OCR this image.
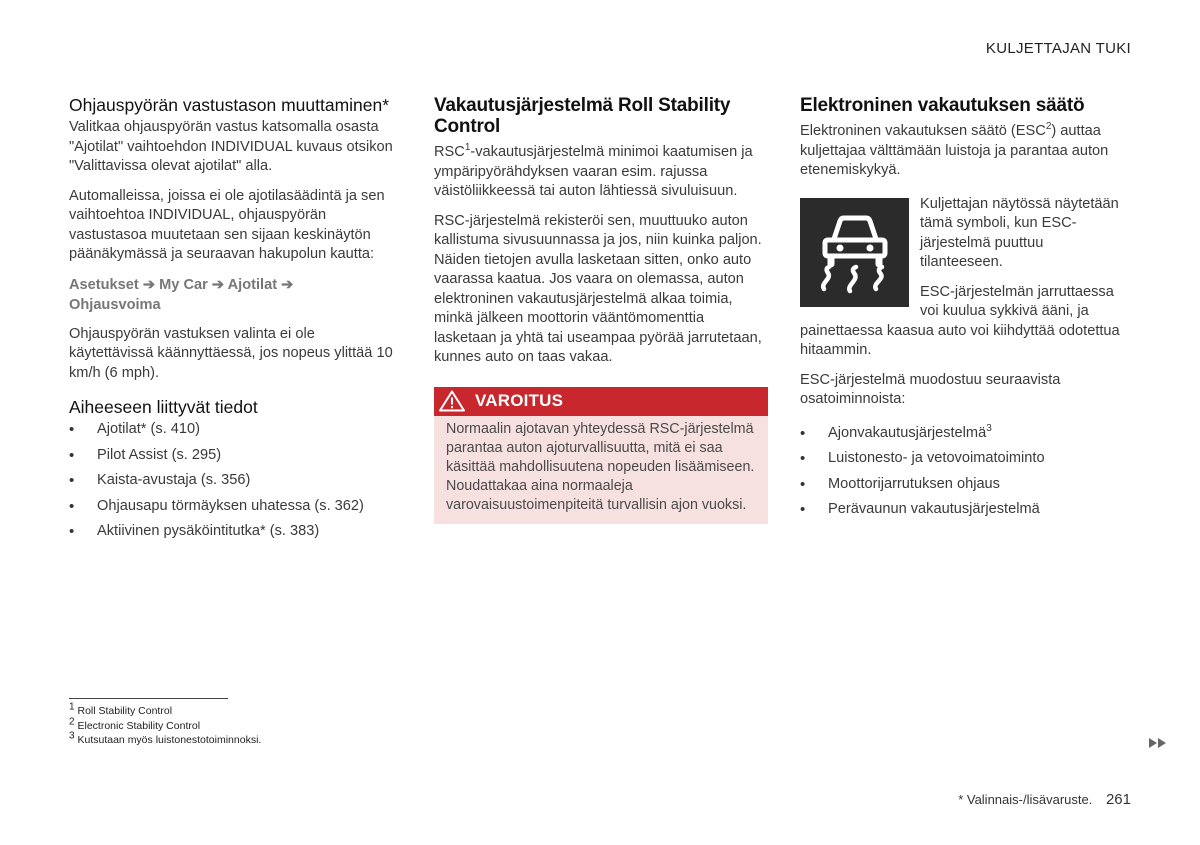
KULJETTAJAN TUKI
Ohjauspyörän vastustason muuttaminen*

Valitkaa ohjauspyörän vastus katsomalla osasta "Ajotilat" vaihtoehdon INDIVIDUAL kuvaus otsikon "Valittavissa olevat ajotilat" alla.

Automalleissa, joissa ei ole ajotilasäädintä ja sen vaihtoehtoa INDIVIDUAL, ohjauspyörän vastustasoa muutetaan sen sijaan keskinäytön päänäkymässä ja seuraavan hakupolun kautta:

Asetukset ➔ My Car ➔ Ajotilat ➔
Ohjausvoima

Ohjauspyörän vastuksen valinta ei ole käytettävissä käännyttäessä, jos nopeus ylittää 10 km/h (6 mph).

Aiheeseen liittyvät tiedot
• Ajotilat* (s. 410)
• Pilot Assist (s. 295)
• Kaista-avustaja (s. 356)
• Ohjausapu törmäyksen uhatessa (s. 362)
• Aktiivinen pysäköintitutka* (s. 383)
Vakautusjärjestelmä Roll Stability Control

RSC$^1$-vakautusjärjestelmä minimoi kaatumisen ja ympäripyörähdyksen vaaran esim. rajussa väistöliikkeessä tai auton lähtiessä sivuluisuun.

RSC-järjestelmä rekisteröi sen, muuttuuko auton kallistuma sivusuunnassa ja jos, niin kuinka paljon. Näiden tietojen avulla lasketaan sitten, onko auto vaarassa kaatua. Jos vaara on olemassa, auton elektroninen vakautusjärjestelmä alkaa toimia, minkä jälkeen moottorin vääntömomenttia lasketaan ja yhtä tai useampaa pyörää jarrutetaan, kunnes auto on taas vakaa.

VAROITUS
Normaalin ajotavan yhteydessä RSC-järjestelmä parantaa auton ajoturvallisuutta, mitä ei saa käsittää mahdollisuutena nopeuden lisäämiseen. Noudattakaa aina normaaleja varovaisuustoimenpiteitä turvallisin ajon vuoksi.
Elektroninen vakautuksen säätö

Elektroninen vakautuksen säätö (ESC$^2$) auttaa kuljettajaa välttämään luistoja ja parantaa auton etenemiskykyä.

Kuljettajan näytössä näytetään tämä symboli, kun ESC-järjestelmä puuttuu tilanteeseen.

ESC-järjestelmän jarruttaessa voi kuulua sykkivä ääni, ja painettaessa kaasua auto voi kiihdyttää odotettua hitaammin.

ESC-järjestelmä muodostuu seuraavista osatoiminnoista:

• Ajonvakautusjärjestelmä$^3$
• Luistonesto- ja vetovoimatoiminto
• Moottorijarrutuksen ohjaus
• Perävaunun vakautusjärjestelmä
$^1$ Roll Stability Control
$^2$ Electronic Stability Control
$^3$ Kutsutaan myös luistonestotoiminnoksi.
* Valinnais-/lisävaruste. 261
